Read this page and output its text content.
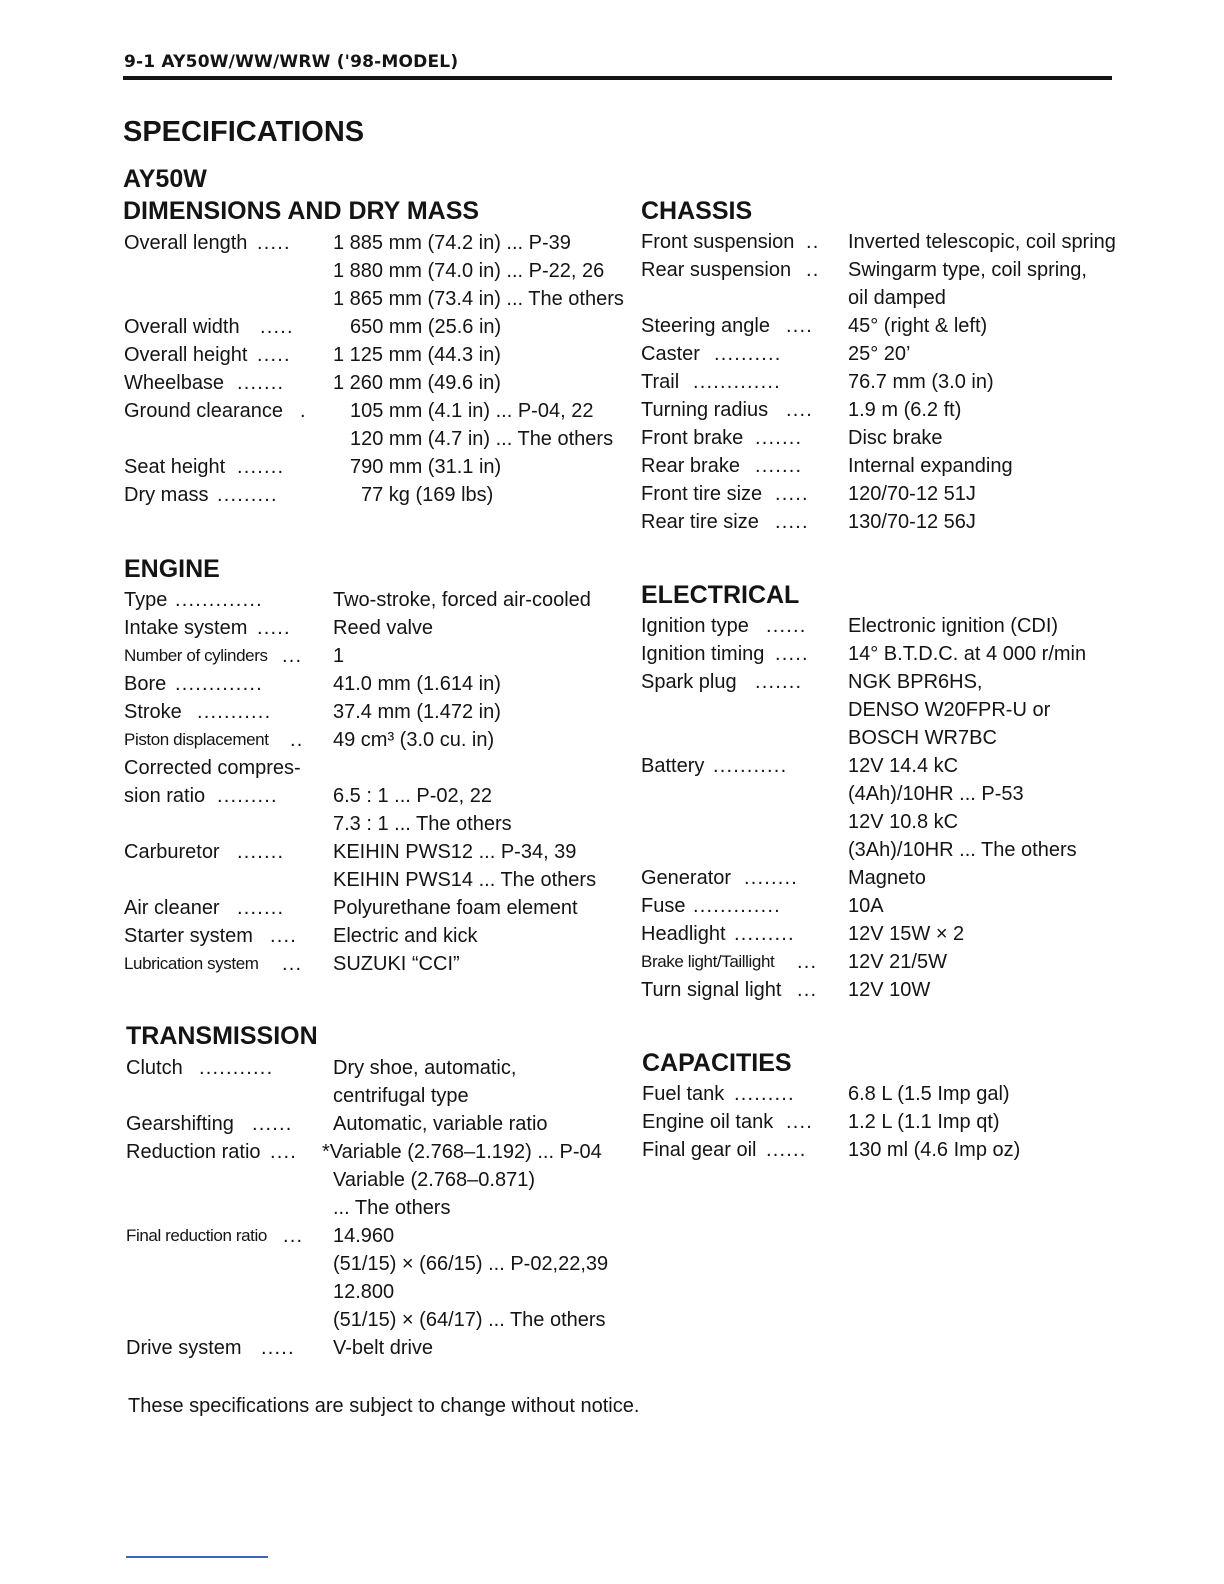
9-1 AY50W/WW/WRW ('98-MODEL)
SPECIFICATIONS
AY50W
DIMENSIONS AND DRY MASS
Overall length ..... 1 885 mm (74.2 in) ... P-39
1 880 mm (74.0 in) ... P-22, 26
1 865 mm (73.4 in) ... The others
Overall width .....	650 mm (25.6 in)
Overall height ..... 1 125 mm (44.3 in)
Wheelbase ....... 1 260 mm (49.6 in)
Ground clearance . 105 mm (4.1 in) ... P-04, 22
120 mm (4.7 in) ... The others
Seat height .......	790 mm (31.1 in)
Dry mass .........	77 kg (169 lbs)
ENGINE
Type .............	Two-stroke, forced air-cooled
Intake system ..... Reed valve
Number of cylinders ... 1
Bore .............	41.0 mm (1.614 in)
Stroke ...........	37.4 mm (1.472 in)
Piston displacement .. 49 cm³ (3.0 cu. in)
Corrected compres-
sion ratio .........	6.5 : 1 ... P-02, 22
7.3 : 1 ... The others
Carburetor ....... KEIHIN PWS12 ... P-34, 39
KEIHIN PWS14 ... The others
Air cleaner ....... Polyurethane foam element
Starter system .... Electric and kick
Lubrication system ... SUZUKI “CCI”
TRANSMISSION
Clutch ...........	Dry shoe, automatic,
centrifugal type
Gearshifting ...... Automatic, variable ratio
Reduction ratio .... *Variable (2.768–1.192) ... P-04
Variable (2.768–0.871)
... The others
Final reduction ratio ... 14.960
(51/15) × (66/15) ... P-02,22,39
12.800
(51/15) × (64/17) ... The others
Drive system ..... V-belt drive
CHASSIS
Front suspension .. Inverted telescopic, coil spring
Rear suspension .. Swingarm type, coil spring,
oil damped
Steering angle .... 45° (right & left)
Caster ..........	25° 20’
Trail .............	76.7 mm (3.0 in)
Turning radius .... 1.9 m (6.2 ft)
Front brake ....... Disc brake
Rear brake ....... Internal expanding
Front tire size ..... 120/70-12 51J
Rear tire size ..... 130/70-12 56J
ELECTRICAL
Ignition type ...... Electronic ignition (CDI)
Ignition timing ..... 14° B.T.D.C. at 4 000 r/min
Spark plug ....... NGK BPR6HS,
DENSO W20FPR-U or
BOSCH WR7BC
Battery ...........	12V 14.4 kC
(4Ah)/10HR ... P-53
12V 10.8 kC
(3Ah)/10HR ... The others
Generator ........ Magneto
Fuse .............	10A
Headlight .........	12V 15W × 2
Brake light/Taillight ... 12V 21/5W
Turn signal light ... 12V 10W
CAPACITIES
Fuel tank .........	6.8 L (1.5 Imp gal)
Engine oil tank .... 1.2 L (1.1 Imp qt)
Final gear oil ...... 130 ml (4.6 Imp oz)
These specifications are subject to change without notice.
